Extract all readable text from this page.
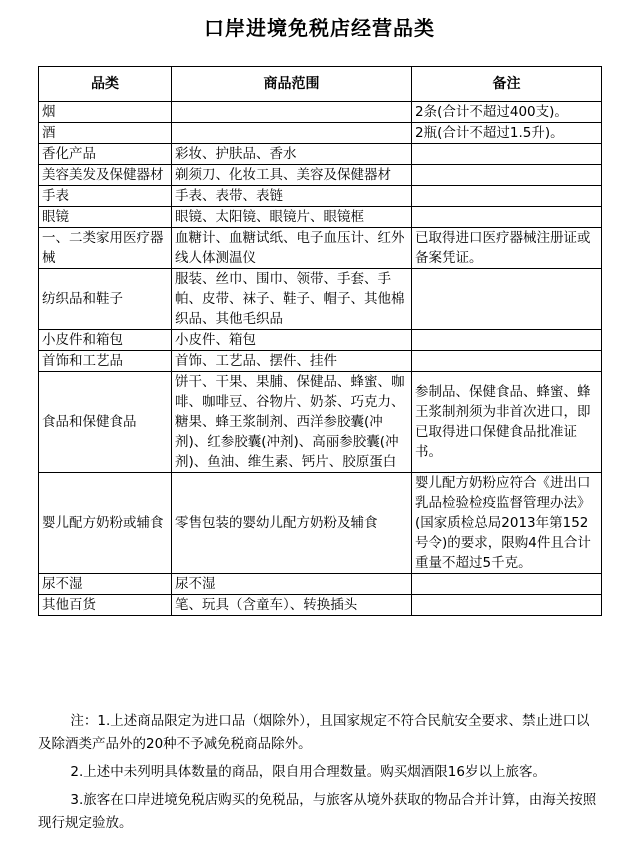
口岸进境免税店经营品类
品类	商品范围	备注
烟		2条(合计不超过400支)。
酒		2瓶(合计不超过1.5升)。
香化产品	彩妆、护肤品、香水	
美容美发及保健器材	剃须刀、化妆工具、美容及保健器材	
手表	手表、表带、表链	
眼镜	眼镜、太阳镜、眼镜片、眼镜框	
一、二类家用医疗器械	血糖计、血糖试纸、电子血压计、红外线人体测温仪	已取得进口医疗器械注册证或备案凭证。
纺织品和鞋子	服装、丝巾、围巾、领带、手套、手帕、皮带、袜子、鞋子、帽子、其他棉织品、其他毛织品	
小皮件和箱包	小皮件、箱包	
首饰和工艺品	首饰、工艺品、摆件、挂件	
食品和保健食品	饼干、干果、果脯、保健品、蜂蜜、咖啡、咖啡豆、谷物片、奶茶、巧克力、糖果、蜂王浆制剂、西洋参胶囊(冲剂)、红参胶囊(冲剂)、高丽参胶囊(冲剂)、鱼油、维生素、钙片、胶原蛋白	参制品、保健食品、蜂蜜、蜂王浆制剂须为非首次进口，即已取得进口保健食品批准证书。
婴儿配方奶粉或辅食	零售包装的婴幼儿配方奶粉及辅食	婴儿配方奶粉应符合《进出口乳品检验检疫监督管理办法》(国家质检总局2013年第152号令)的要求，限购4件且合计重量不超过5千克。
尿不湿	尿不湿	
其他百货	笔、玩具（含童车）、转换插头	

注：1.上述商品限定为进口品（烟除外），且国家规定不符合民航安全要求、禁止进口以及除酒类产品外的20种不予减免税商品除外。

2.上述中未列明具体数量的商品，限自用合理数量。购买烟酒限16岁以上旅客。

3.旅客在口岸进境免税店购买的免税品，与旅客从境外获取的物品合并计算，由海关按照现行规定验放。
